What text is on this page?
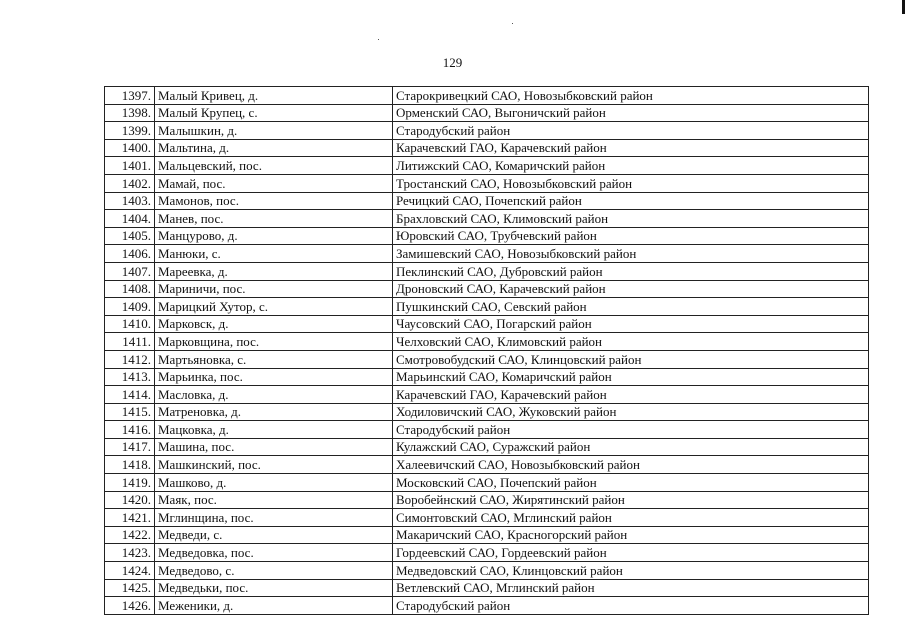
129
1397.	Малый Кривец, д.	Старокривецкий САО, Новозыбковский район
1398.	Малый Крупец, с.	Орменский САО, Выгоничский район
1399.	Малышкин, д.	Стародубский район
1400.	Мальтина, д.	Карачевский ГАО, Карачевский район
1401.	Мальцевский, пос.	Литижский САО, Комаричский район
1402.	Мамай, пос.	Тростанский САО, Новозыбковский район
1403.	Мамонов, пос.	Речицкий САО, Почепский район
1404.	Манев, пос.	Брахловский САО, Климовский район
1405.	Манцурово, д.	Юровский САО, Трубчевский район
1406.	Манюки, с.	Замишевский САО, Новозыбковский район
1407.	Мареевка, д.	Пеклинский САО, Дубровский район
1408.	Мариничи, пос.	Дроновский САО, Карачевский район
1409.	Марицкий Хутор, с.	Пушкинский САО, Севский район
1410.	Марковск, д.	Чаусовский САО, Погарский район
1411.	Марковщина, пос.	Челховский САО, Климовский район
1412.	Мартьяновка, с.	Смотровобудский САО, Клинцовский район
1413.	Марьинка, пос.	Марьинский САО, Комаричский район
1414.	Масловка, д.	Карачевский ГАО, Карачевский район
1415.	Матреновка, д.	Ходиловичский САО, Жуковский район
1416.	Мацковка, д.	Стародубский район
1417.	Машина, пос.	Кулажский САО, Суражский район
1418.	Машкинский, пос.	Халеевичский САО, Новозыбковский район
1419.	Машково, д.	Московский САО, Почепский район
1420.	Маяк, пос.	Воробейнский САО, Жирятинский район
1421.	Мглинщина, пос.	Симонтовский САО, Мглинский район
1422.	Медведи, с.	Макаричский САО, Красногорский район
1423.	Медведовка, пос.	Гордеевский САО, Гордеевский район
1424.	Медведово, с.	Медведовский САО, Клинцовский район
1425.	Медведьки, пос.	Ветлевский САО, Мглинский район
1426.	Меженики, д.	Стародубский район
